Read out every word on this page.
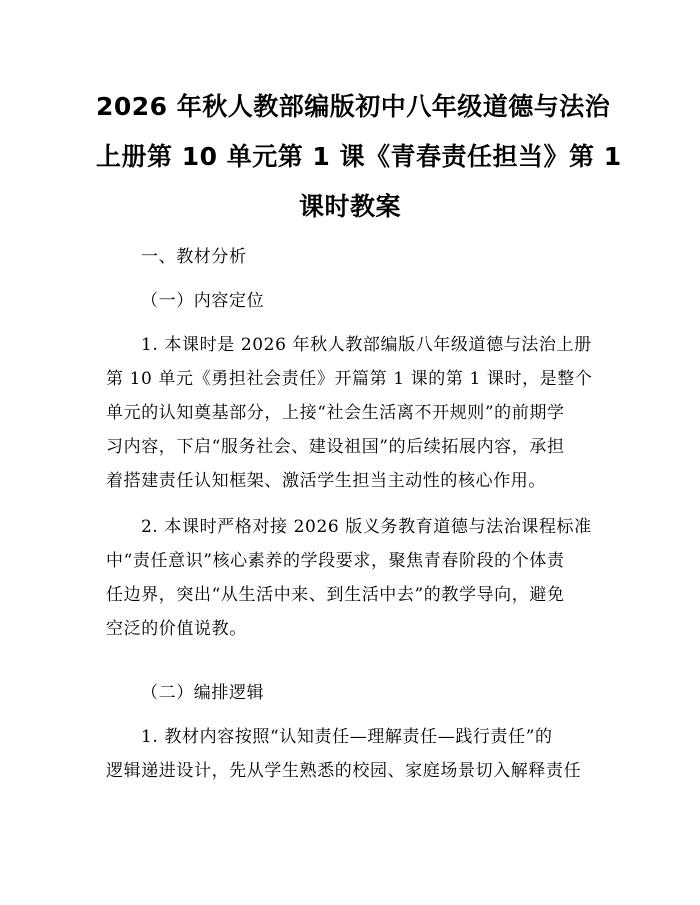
2026 年秋人教部编版初中八年级道德与法治
上册第 10 单元第 1 课《青春责任担当》第 1
课时教案

一、教材分析

（一）内容定位

1. 本课时是 2026 年秋人教部编版八年级道德与法治上册
第 10 单元《勇担社会责任》开篇第 1 课的第 1 课时，是整个
单元的认知奠基部分，上接“社会生活离不开规则”的前期学
习内容，下启“服务社会、建设祖国”的后续拓展内容，承担
着搭建责任认知框架、激活学生担当主动性的核心作用。

2. 本课时严格对接 2026 版义务教育道德与法治课程标准
中“责任意识”核心素养的学段要求，聚焦青春阶段的个体责
任边界，突出“从生活中来、到生活中去”的教学导向，避免
空泛的价值说教。

（二）编排逻辑

1. 教材内容按照“认知责任—理解责任—践行责任”的
逻辑递进设计，先从学生熟悉的校园、家庭场景切入解释责任
